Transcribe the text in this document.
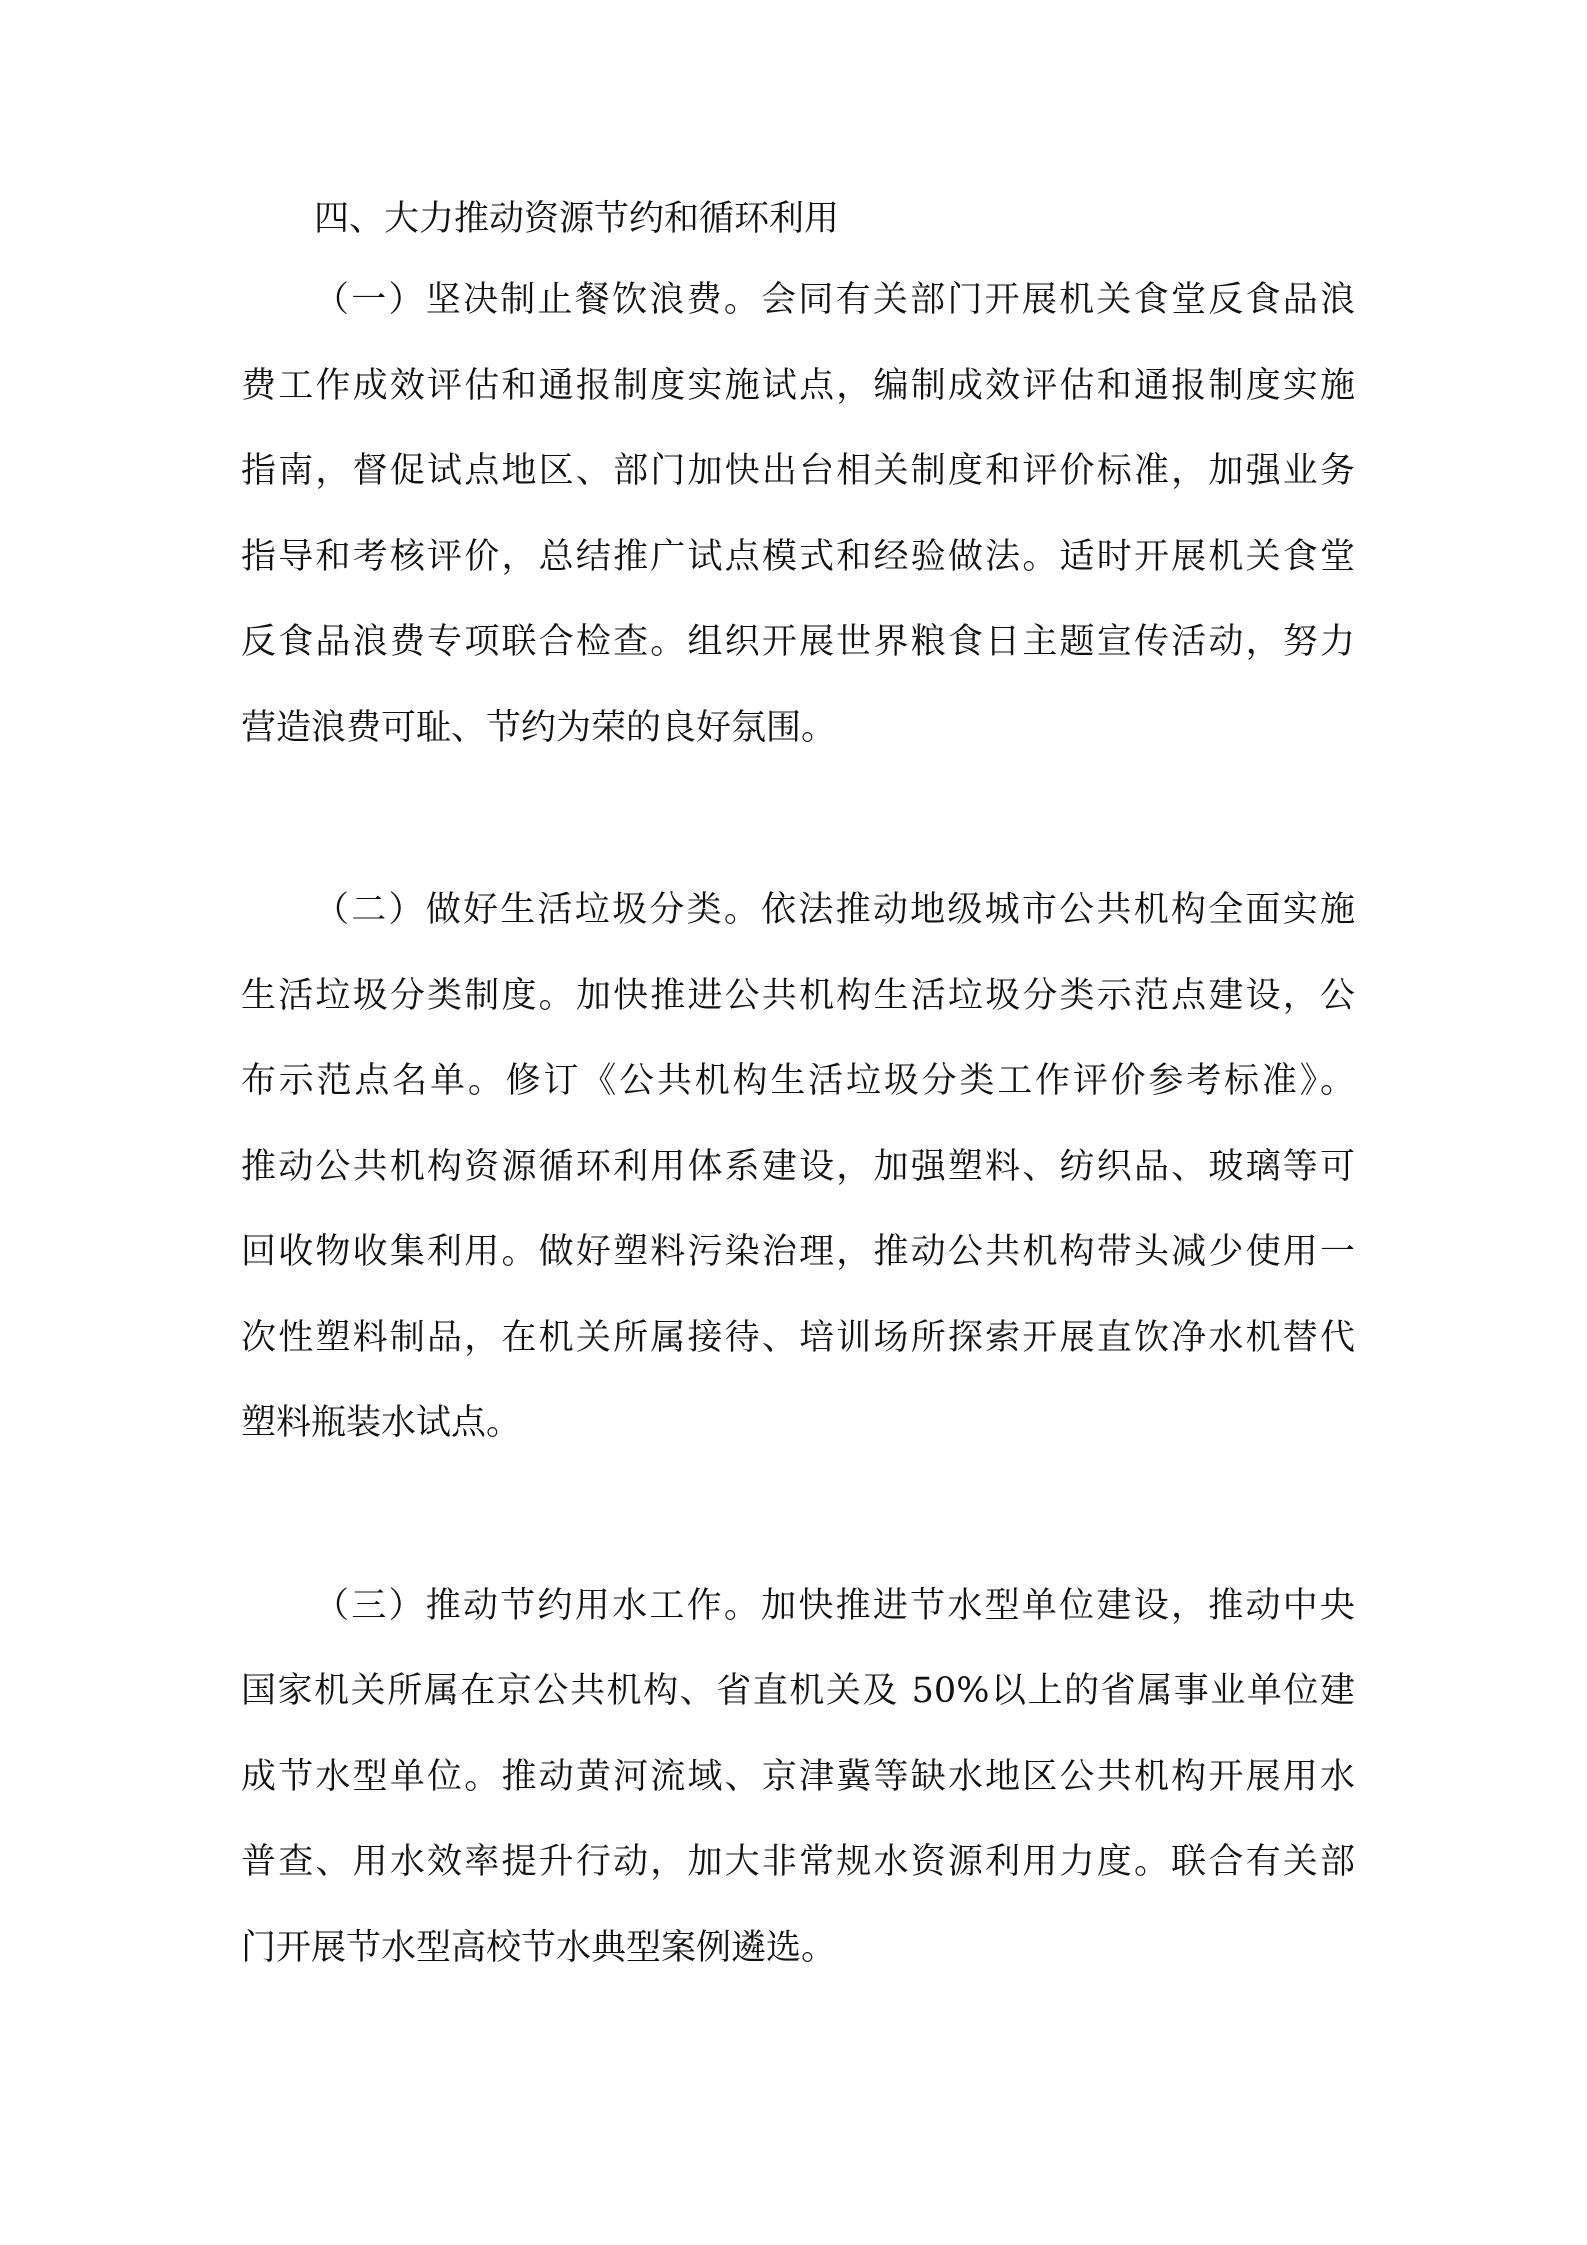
四、大力推动资源节约和循环利用

（一）坚决制止餐饮浪费。会同有关部门开展机关食堂反食品浪
费工作成效评估和通报制度实施试点，编制成效评估和通报制度实施
指南，督促试点地区、部门加快出台相关制度和评价标准，加强业务
指导和考核评价，总结推广试点模式和经验做法。适时开展机关食堂
反食品浪费专项联合检查。组织开展世界粮食日主题宣传活动，努力
营造浪费可耻、节约为荣的良好氛围。

（二）做好生活垃圾分类。依法推动地级城市公共机构全面实施
生活垃圾分类制度。加快推进公共机构生活垃圾分类示范点建设，公
布示范点名单。修订《公共机构生活垃圾分类工作评价参考标准》。
推动公共机构资源循环利用体系建设，加强塑料、纺织品、玻璃等可
回收物收集利用。做好塑料污染治理，推动公共机构带头减少使用一
次性塑料制品，在机关所属接待、培训场所探索开展直饮净水机替代
塑料瓶装水试点。

（三）推动节约用水工作。加快推进节水型单位建设，推动中央
国家机关所属在京公共机构、省直机关及 50%以上的省属事业单位建
成节水型单位。推动黄河流域、京津冀等缺水地区公共机构开展用水
普查、用水效率提升行动，加大非常规水资源利用力度。联合有关部
门开展节水型高校节水典型案例遴选。
